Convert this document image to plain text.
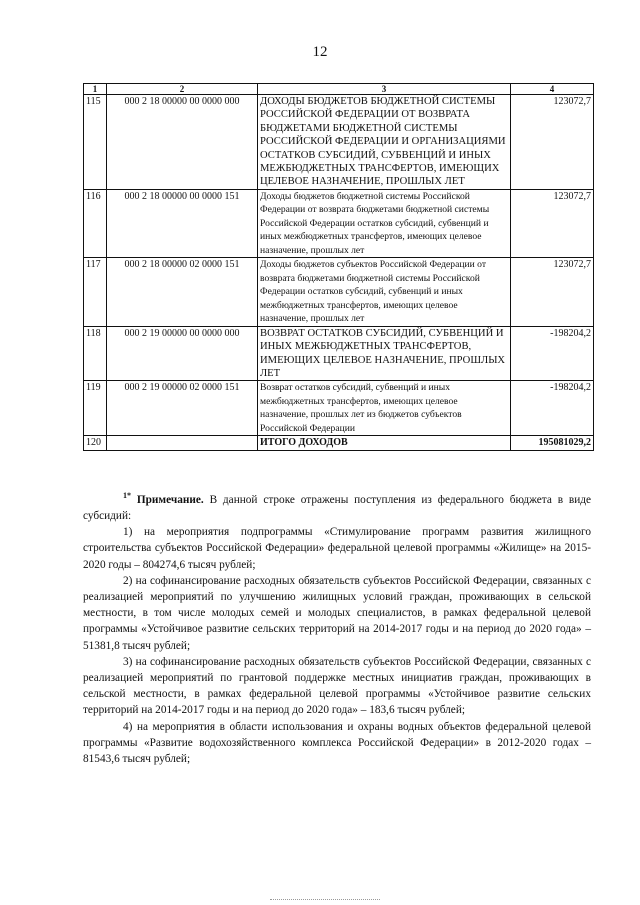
12
1	2	3	4
115	000 2 18 00000 00 0000 000	ДОХОДЫ БЮДЖЕТОВ БЮДЖЕТНОЙ СИСТЕМЫ РОССИЙСКОЙ ФЕДЕРАЦИИ ОТ ВОЗВРАТА БЮДЖЕТАМИ БЮДЖЕТНОЙ СИСТЕМЫ РОССИЙСКОЙ ФЕДЕРАЦИИ И ОРГАНИЗАЦИЯМИ ОСТАТКОВ СУБСИДИЙ, СУБВЕНЦИЙ И ИНЫХ МЕЖБЮДЖЕТНЫХ ТРАНСФЕРТОВ, ИМЕЮЩИХ ЦЕЛЕВОЕ НАЗНАЧЕНИЕ, ПРОШЛЫХ ЛЕТ	123072,7
116	000 2 18 00000 00 0000 151	Доходы бюджетов бюджетной системы Российской Федерации от возврата бюджетами бюджетной системы Российской Федерации остатков субсидий, субвенций и иных межбюджетных трансфертов, имеющих целевое назначение, прошлых лет	123072,7
117	000 2 18 00000 02 0000 151	Доходы бюджетов субъектов Российской Федерации от возврата бюджетами бюджетной системы Российской Федерации остатков субсидий, субвенций и иных межбюджетных трансфертов, имеющих целевое назначение, прошлых лет	123072,7
118	000 2 19 00000 00 0000 000	ВОЗВРАТ ОСТАТКОВ СУБСИДИЙ, СУБВЕНЦИЙ И ИНЫХ МЕЖБЮДЖЕТНЫХ ТРАНСФЕРТОВ, ИМЕЮЩИХ ЦЕЛЕВОЕ НАЗНАЧЕНИЕ, ПРОШЛЫХ ЛЕТ	-198204,2
119	000 2 19 00000 02 0000 151	Возврат остатков субсидий, субвенций и иных межбюджетных трансфертов, имеющих целевое назначение, прошлых лет из бюджетов субъектов Российской Федерации	-198204,2
120		ИТОГО ДОХОДОВ	195081029,2

$^{1*}$ Примечание. В данной строке отражены поступления из федерального бюджета в виде субсидий:

1) на мероприятия подпрограммы «Стимулирование программ развития жилищного строительства субъектов Российской Федерации» федеральной целевой программы «Жилище» на 2015-2020 годы – 804274,6 тысяч рублей;

2) на софинансирование расходных обязательств субъектов Российской Федерации, связанных с реализацией мероприятий по улучшению жилищных условий граждан, проживающих в сельской местности, в том числе молодых семей и молодых специалистов, в рамках федеральной целевой программы «Устойчивое развитие сельских территорий на 2014-2017 годы и на период до 2020 года» – 51381,8 тысяч рублей;

3) на софинансирование расходных обязательств субъектов Российской Федерации, связанных с реализацией мероприятий по грантовой поддержке местных инициатив граждан, проживающих в сельской местности, в рамках федеральной целевой программы «Устойчивое развитие сельских территорий на 2014-2017 годы и на период до 2020 года» – 183,6 тысяч рублей;

4) на мероприятия в области использования и охраны водных объектов федеральной целевой программы «Развитие водохозяйственного комплекса Российской Федерации» в 2012-2020 годах – 81543,6 тысяч рублей;
